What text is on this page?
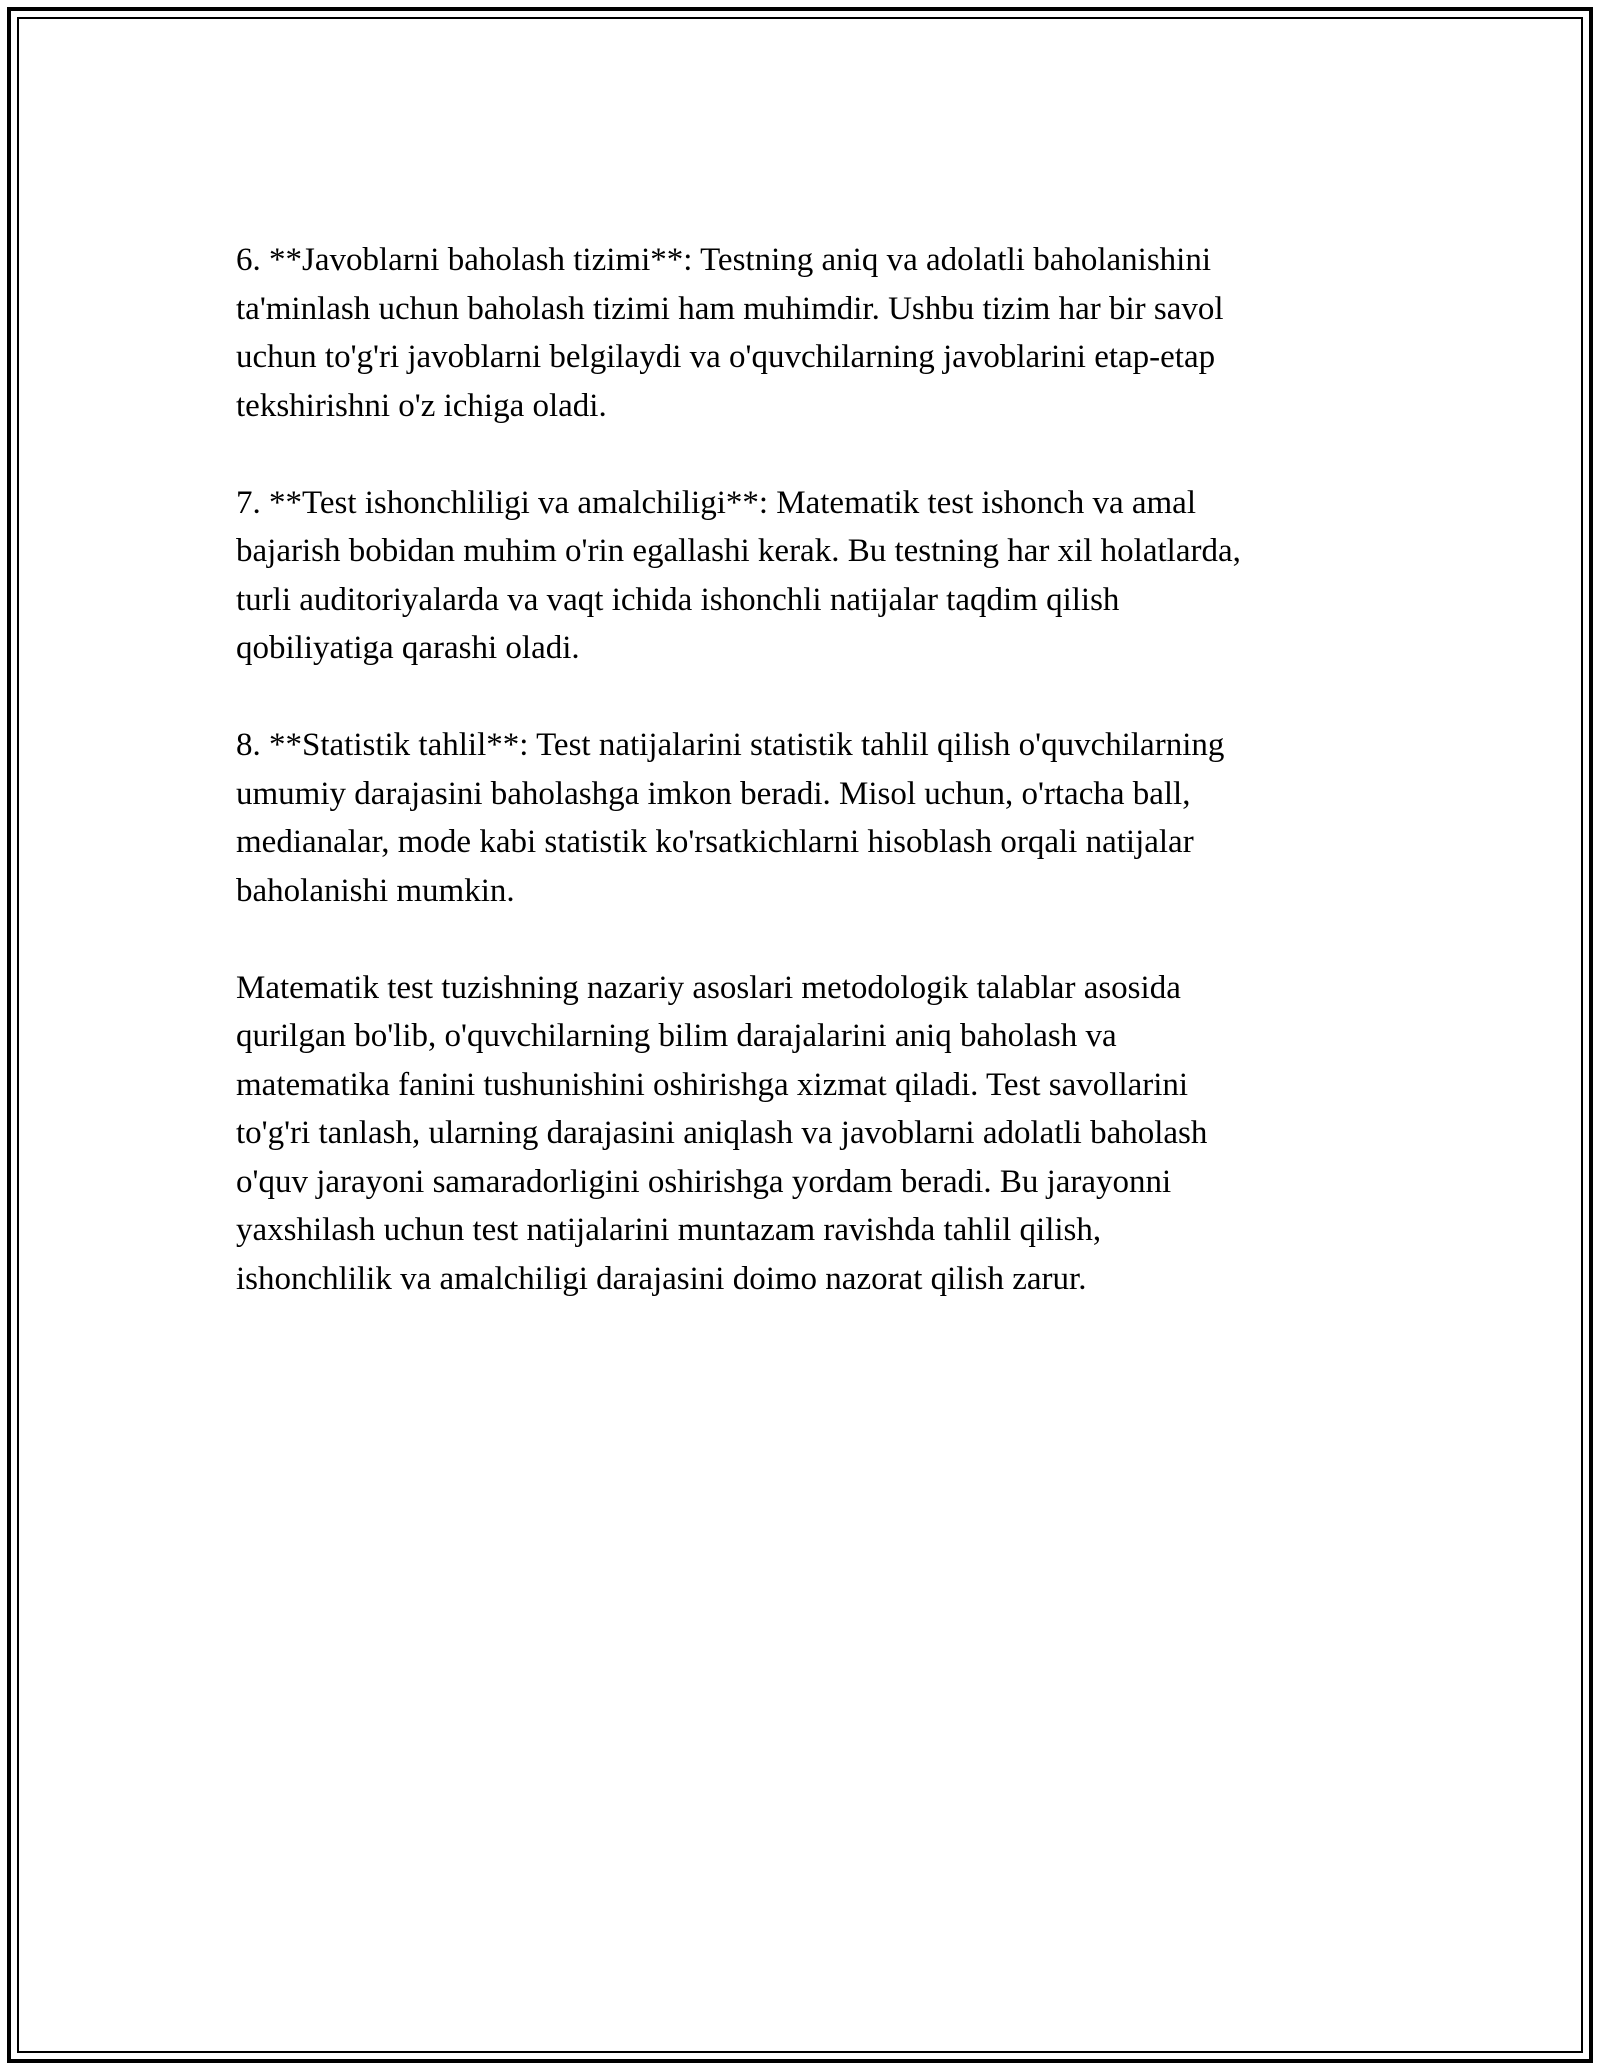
6. **Javoblarni baholash tizimi**: Testning aniq va adolatli baholanishini
ta'minlash uchun baholash tizimi ham muhimdir. Ushbu tizim har bir savol
uchun to'g'ri javoblarni belgilaydi va o'quvchilarning javoblarini etap-etap
tekshirishni o'z ichiga oladi.

7. **Test ishonchliligi va amalchiligi**: Matematik test ishonch va amal
bajarish bobidan muhim o'rin egallashi kerak. Bu testning har xil holatlarda,
turli auditoriyalarda va vaqt ichida ishonchli natijalar taqdim qilish
qobiliyatiga qarashi oladi.

8. **Statistik tahlil**: Test natijalarini statistik tahlil qilish o'quvchilarning
umumiy darajasini baholashga imkon beradi. Misol uchun, o'rtacha ball,
medianalar, mode kabi statistik ko'rsatkichlarni hisoblash orqali natijalar
baholanishi mumkin.

Matematik test tuzishning nazariy asoslari metodologik talablar asosida
qurilgan bo'lib, o'quvchilarning bilim darajalarini aniq baholash va
matematika fanini tushunishini oshirishga xizmat qiladi. Test savollarini
to'g'ri tanlash, ularning darajasini aniqlash va javoblarni adolatli baholash
o'quv jarayoni samaradorligini oshirishga yordam beradi. Bu jarayonni
yaxshilash uchun test natijalarini muntazam ravishda tahlil qilish,
ishonchlilik va amalchiligi darajasini doimo nazorat qilish zarur.
